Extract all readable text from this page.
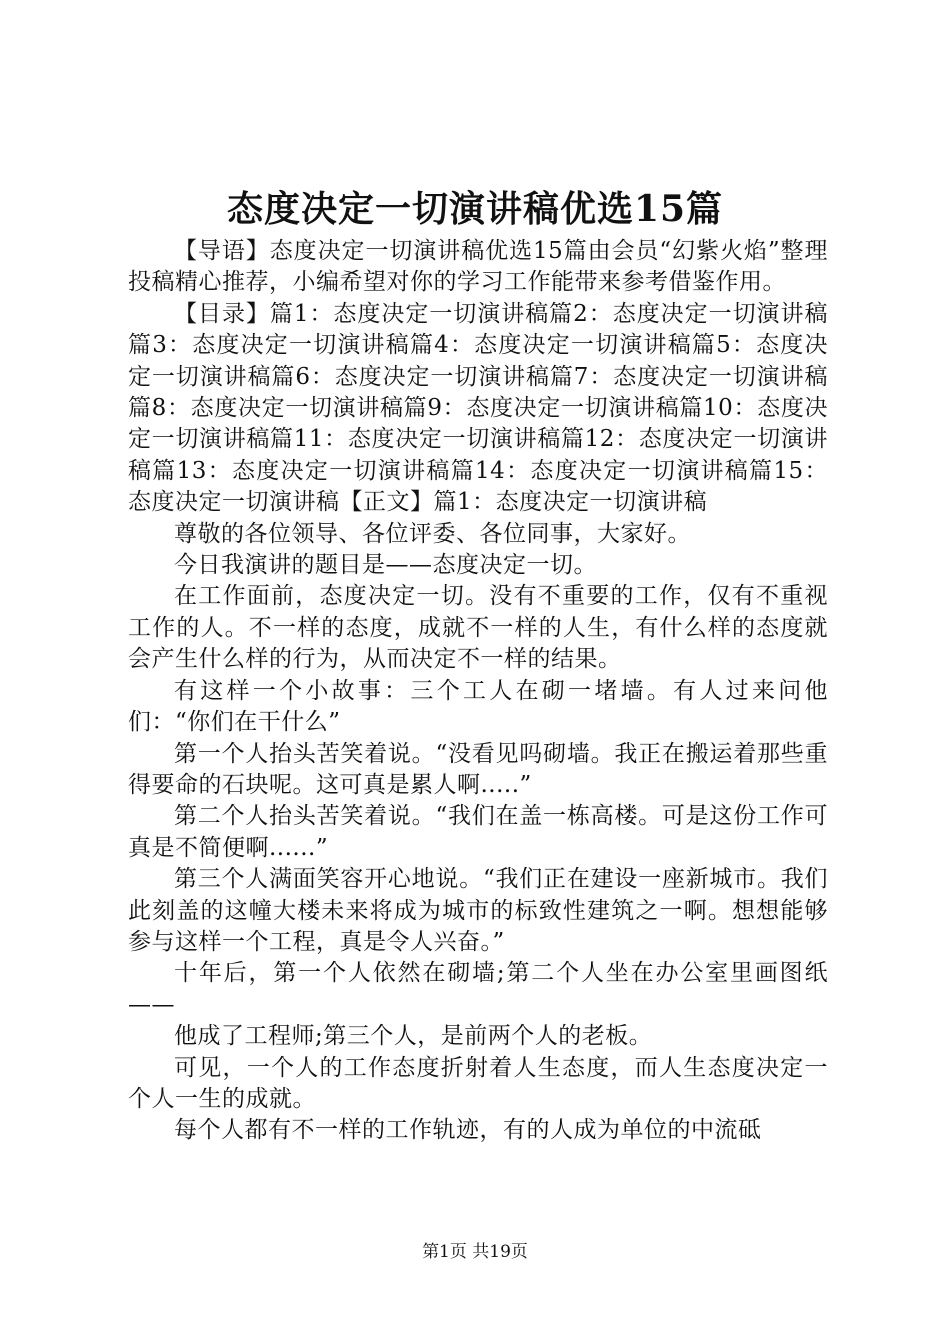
态度决定一切演讲稿优选15篇

【导语】态度决定一切演讲稿优选15篇由会员“幻紫火焰”整理投稿精心推荐，小编希望对你的学习工作能带来参考借鉴作用。

【目录】篇1：态度决定一切演讲稿篇2：态度决定一切演讲稿篇3：态度决定一切演讲稿篇4：态度决定一切演讲稿篇5：态度决定一切演讲稿篇6：态度决定一切演讲稿篇7：态度决定一切演讲稿篇8：态度决定一切演讲稿篇9：态度决定一切演讲稿篇10：态度决定一切演讲稿篇11：态度决定一切演讲稿篇12：态度决定一切演讲稿篇13：态度决定一切演讲稿篇14：态度决定一切演讲稿篇15：态度决定一切演讲稿【正文】篇1：态度决定一切演讲稿

尊敬的各位领导、各位评委、各位同事，大家好。

今日我演讲的题目是——态度决定一切。

在工作面前，态度决定一切。没有不重要的工作，仅有不重视工作的人。不一样的态度，成就不一样的人生，有什么样的态度就会产生什么样的行为，从而决定不一样的结果。

有这样一个小故事：三个工人在砌一堵墙。有人过来问他们：“你们在干什么”

第一个人抬头苦笑着说。“没看见吗砌墙。我正在搬运着那些重得要命的石块呢。这可真是累人啊.....”

第二个人抬头苦笑着说。“我们在盖一栋高楼。可是这份工作可真是不简便啊......”

第三个人满面笑容开心地说。“我们正在建设一座新城市。我们此刻盖的这幢大楼未来将成为城市的标致性建筑之一啊。想想能够参与这样一个工程，真是令人兴奋。”

十年后，第一个人依然在砌墙;第二个人坐在办公室里画图纸——

他成了工程师;第三个人，是前两个人的老板。

可见，一个人的工作态度折射着人生态度，而人生态度决定一个人一生的成就。

每个人都有不一样的工作轨迹，有的人成为单位的中流砥

第1页 共19页
